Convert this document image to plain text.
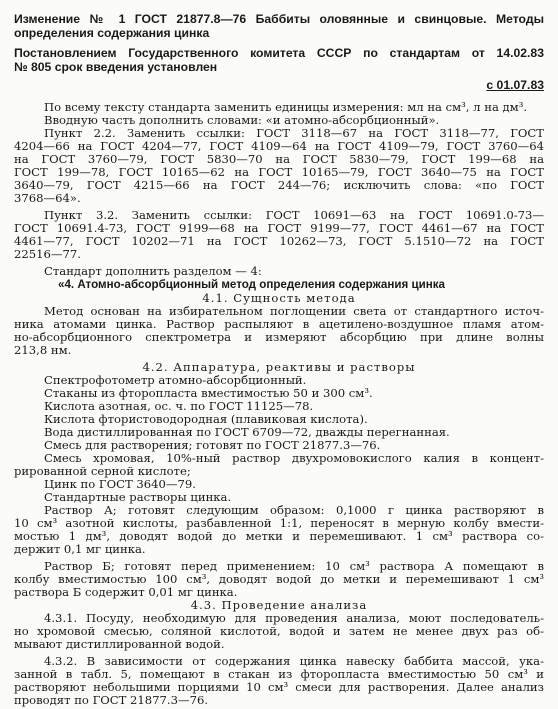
Изменение № 1 ГОСТ 21877.8—76 Баббиты оловянные и свинцовые. Методы
определения содержания цинка
Постановлением Государственного комитета СССР по стандартам от 14.02.83
№ 805 срок введения установлен
с 01.07.83
По всему тексту стандарта заменить единицы измерения: мл на см³, л на дм³.
Вводную часть дополнить словами: «и атомно-абсорбционный».
Пункт 2.2. Заменить ссылки: ГОСТ 3118—67 на ГОСТ 3118—77, ГОСТ
4204—66 на ГОСТ 4204—77, ГОСТ 4109—64 на ГОСТ 4109—79, ГОСТ 3760—64
на ГОСТ 3760—79, ГОСТ 5830—70 на ГОСТ 5830—79, ГОСТ 199—68 на
ГОСТ 199—78, ГОСТ 10165—62 на ГОСТ 10165—79, ГОСТ 3640—75 на ГОСТ
3640—79, ГОСТ 4215—66 на ГОСТ 244—76; исключить слова: «по ГОСТ
3768—64».
Пункт 3.2. Заменить ссылки: ГОСТ 10691—63 на ГОСТ 10691.0-73—
ГОСТ 10691.4-73, ГОСТ 9199—68 на ГОСТ 9199—77, ГОСТ 4461—67 на ГОСТ
4461—77, ГОСТ 10202—71 на ГОСТ 10262—73, ГОСТ 5.1510—72 на ГОСТ
22516—77.
Стандарт дополнить разделом — 4:
«4. Атомно-абсорбционный метод определения содержания цинка
4.1. Сущность метода
Метод основан на избирательном поглощении света от стандартного источ-
ника атомами цинка. Раствор распыляют в ацетилено-воздушное пламя атом-
но-абсорбционного спектрометра и измеряют абсорбцию при длине волны
213,8 нм.
4.2. Аппаратура, реактивы и растворы
Спектрофотометр атомно-абсорбционный.
Стаканы из фторопласта вместимостью 50 и 300 см³.
Кислота азотная, ос. ч. по ГОСТ 11125—78.
Кислота фтористоводородная (плавиковая кислота).
Вода дистиллированная по ГОСТ 6709—72, дважды перегнанная.
Смесь для растворения; готовят по ГОСТ 21877.3—76.
Смесь хромовая, 10%-ный раствор двухромовокислого калия в концент-
рированной серной кислоте;
Цинк по ГОСТ 3640—79.
Стандартные растворы цинка.
Раствор А; готовят следующим образом: 0,1000 г цинка растворяют в
10 см³ азотной кислоты, разбавленной 1:1, переносят в мерную колбу вмести-
мостью 1 дм³, доводят водой до метки и перемешивают. 1 см³ раствора со-
держит 0,1 мг цинка.
Раствор Б; готовят перед применением: 10 см³ раствора А помещают в
колбу вместимостью 100 см³, доводят водой до метки и перемешивают 1 см³
раствора Б содержит 0,01 мг цинка.
4.3. Проведение анализа
4.3.1. Посуду, необходимую для проведения анализа, моют последователь-
но хромовой смесью, соляной кислотой, водой и затем не менее двух раз об-
мывают дистиллированной водой.
4.3.2. В зависимости от содержания цинка навеску баббита массой, ука-
занной в табл. 5, помещают в стакан из фторопласта вместимостью 50 см³ и
растворяют небольшими порциями 10 см³ смеси для растворения. Далее анализ
проводят по ГОСТ 21877.3—76.
